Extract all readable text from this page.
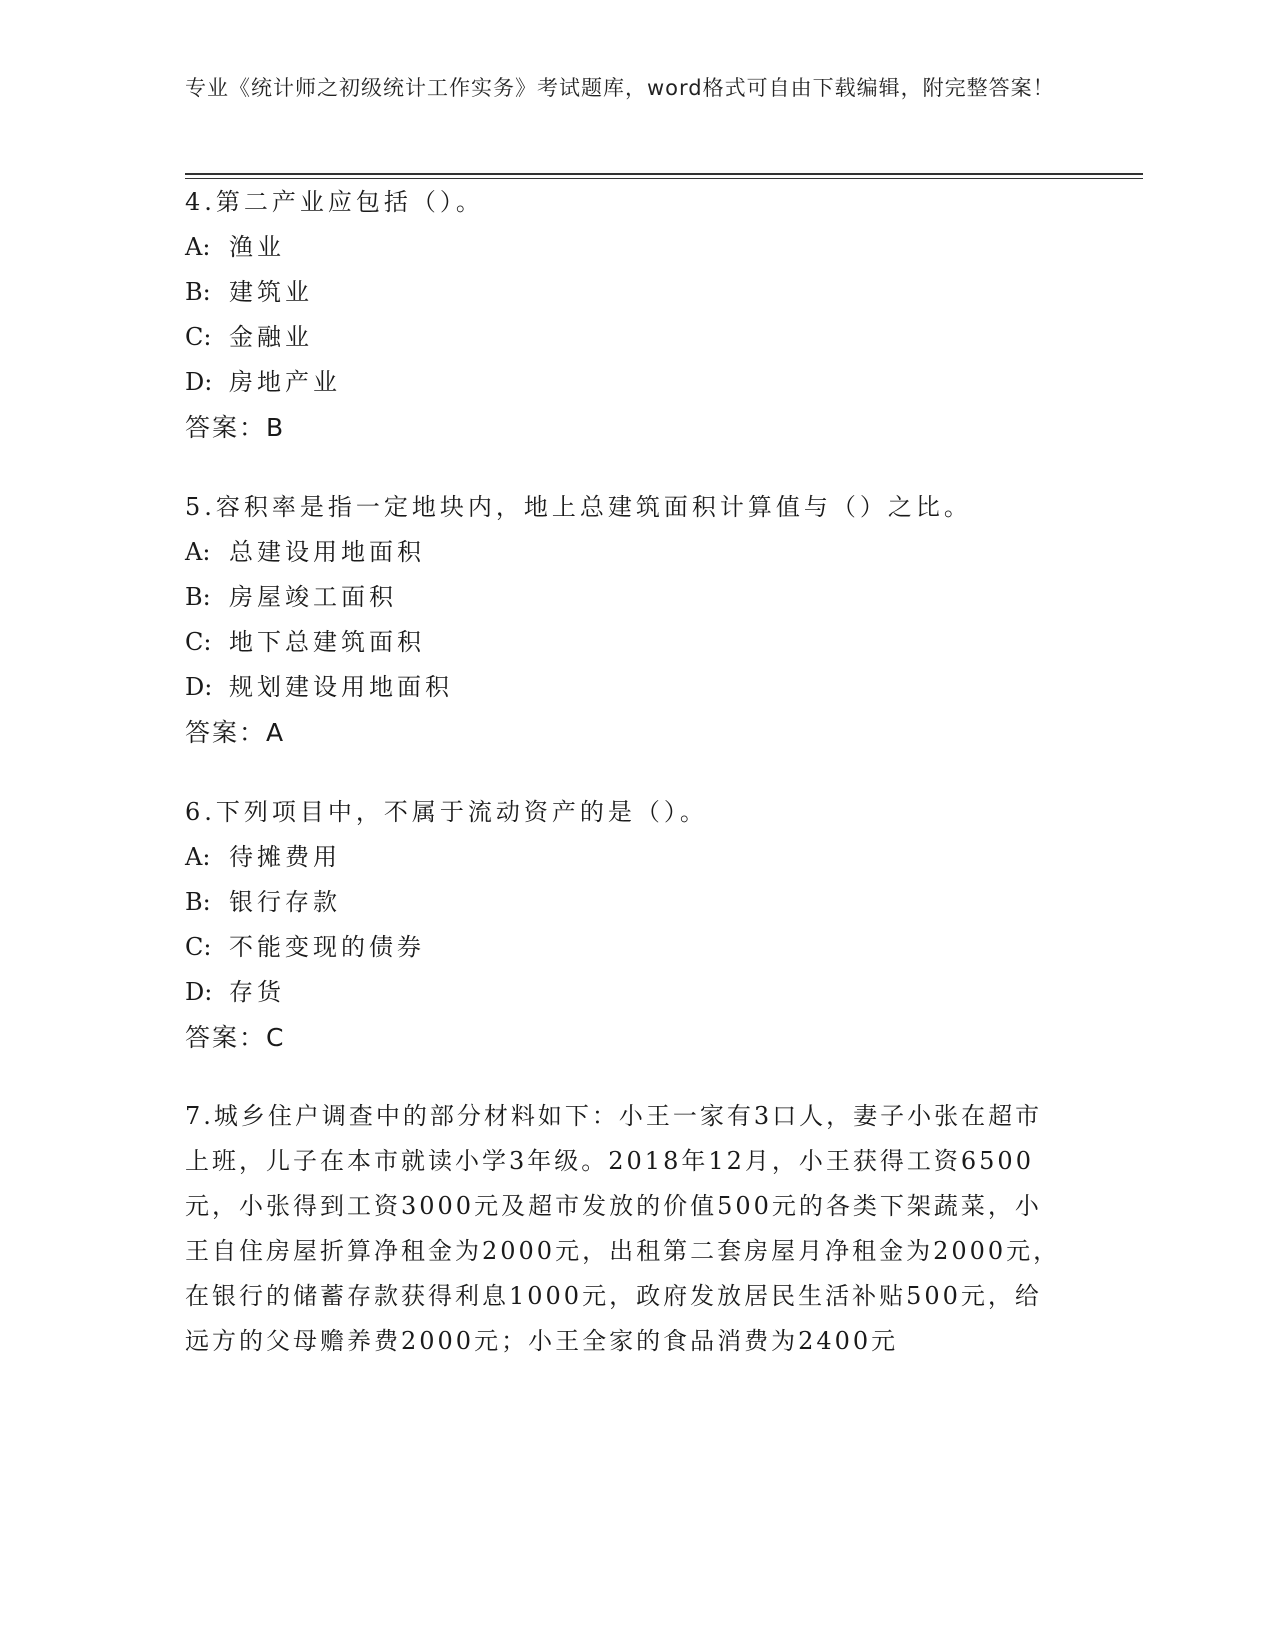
专业《统计师之初级统计工作实务》考试题库，word格式可自由下载编辑，附完整答案！
4.第二产业应包括（）。
A: 渔业
B: 建筑业
C: 金融业
D: 房地产业
答案：B
5.容积率是指一定地块内，地上总建筑面积计算值与（）之比。
A: 总建设用地面积
B: 房屋竣工面积
C: 地下总建筑面积
D: 规划建设用地面积
答案：A
6.下列项目中，不属于流动资产的是（）。
A: 待摊费用
B: 银行存款
C: 不能变现的债券
D: 存货
答案：C
7.城乡住户调查中的部分材料如下：小王一家有3口人，妻子小张在超市上班，儿子在本市就读小学3年级。2018年12月，小王获得工资6500元，小张得到工资3000元及超市发放的价值500元的各类下架蔬菜，小王自住房屋折算净租金为2000元，出租第二套房屋月净租金为2000元，在银行的储蓄存款获得利息1000元，政府发放居民生活补贴500元，给远方的父母赡养费2000元；小王全家的食品消费为2400元
